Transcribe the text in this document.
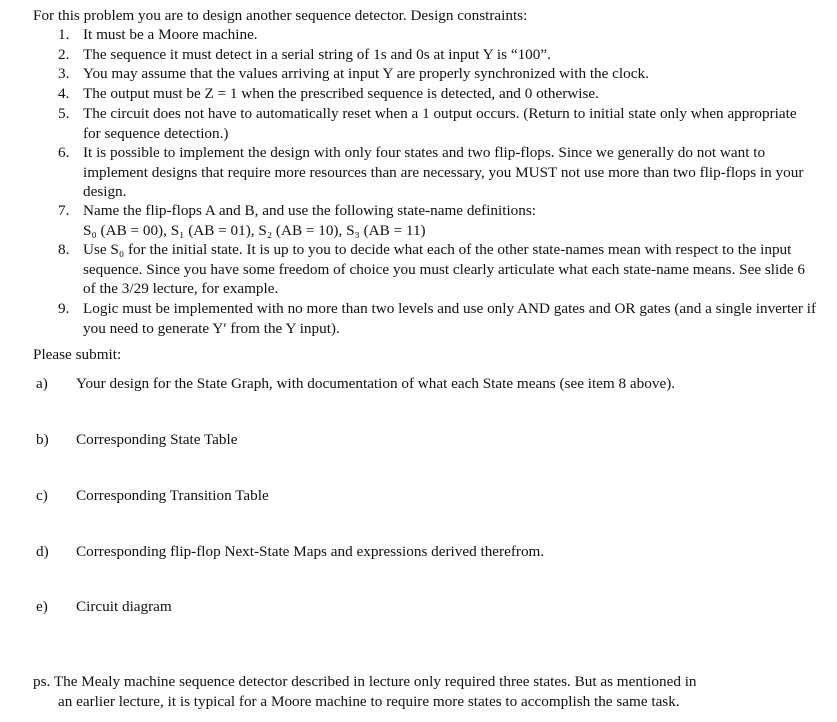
For this problem you are to design another sequence detector. Design constraints:
1. It must be a Moore machine.
2. The sequence it must detect in a serial string of 1s and 0s at input Y is “100”.
3. You may assume that the values arriving at input Y are properly synchronized with the clock.
4. The output must be Z = 1 when the prescribed sequence is detected, and 0 otherwise.
5. The circuit does not have to automatically reset when a 1 output occurs. (Return to initial state only when appropriate for sequence detection.)
6. It is possible to implement the design with only four states and two flip-flops. Since we generally do not want to implement designs that require more resources than are necessary, you MUST not use more than two flip-flops in your design.
7. Name the flip-flops A and B, and use the following state-name definitions:
S₀ (AB = 00), S₁ (AB = 01), S₂ (AB = 10), S₃ (AB = 11)
8. Use S₀ for the initial state. It is up to you to decide what each of the other state-names mean with respect to the input sequence. Since you have some freedom of choice you must clearly articulate what each state-name means. See slide 6 of the 3/29 lecture, for example.
9. Logic must be implemented with no more than two levels and use only AND gates and OR gates (and a single inverter if you need to generate Y′ from the Y input).
Please submit:
a) Your design for the State Graph, with documentation of what each State means (see item 8 above).
b) Corresponding State Table
c) Corresponding Transition Table
d) Corresponding flip-flop Next-State Maps and expressions derived therefrom.
e) Circuit diagram
ps. The Mealy machine sequence detector described in lecture only required three states. But as mentioned in
an earlier lecture, it is typical for a Moore machine to require more states to accomplish the same task.
